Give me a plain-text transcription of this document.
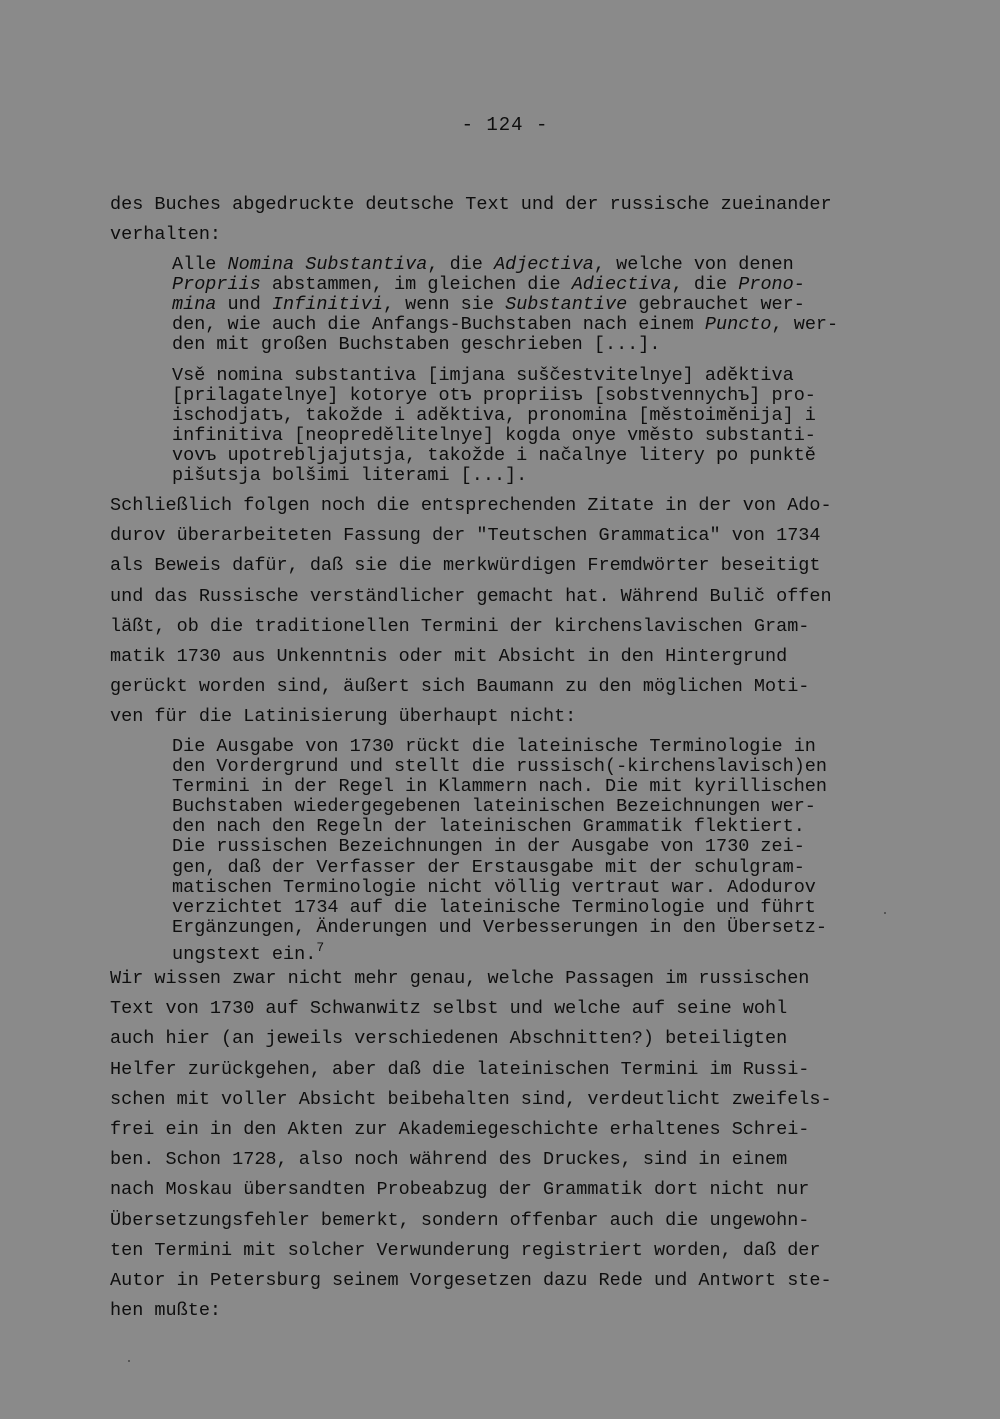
- 124 -
des Buches abgedruckte deutsche Text und der russische zueinander
verhalten:
Alle Nomina Substantiva, die Adjectiva, welche von denen
Propriis abstammen, im gleichen die Adiectiva, die Prono-
mina und Infinitivi, wenn sie Substantive gebrauchet wer-
den, wie auch die Anfangs-Buchstaben nach einem Puncto, wer-
den mit großen Buchstaben geschrieben [...].
Vsě nomina substantiva [imjana suščestvitelnye] aděktiva
[prilagatelnye] kotorye otъ propriisъ [sobstvennychъ] pro-
ischodjatъ, takožde i aděktiva, pronomina [městoiměnija] i
infinitiva [neopredělitelnye] kogda onye vměsto substanti-
vovъ upotrebljajutsja, takožde i načalnye litery po punktě
pišutsja bolšimi literami [...].
Schließlich folgen noch die entsprechenden Zitate in der von Ado-
durov überarbeiteten Fassung der "Teutschen Grammatica" von 1734
als Beweis dafür, daß sie die merkwürdigen Fremdwörter beseitigt
und das Russische verständlicher gemacht hat. Während Bulič offen
läßt, ob die traditionellen Termini der kirchenslavischen Gram-
matik 1730 aus Unkenntnis oder mit Absicht in den Hintergrund
gerückt worden sind, äußert sich Baumann zu den möglichen Moti-
ven für die Latinisierung überhaupt nicht:
Die Ausgabe von 1730 rückt die lateinische Terminologie in
den Vordergrund und stellt die russisch(-kirchenslavisch)en
Termini in der Regel in Klammern nach. Die mit kyrillischen
Buchstaben wiedergegebenen lateinischen Bezeichnungen wer-
den nach den Regeln der lateinischen Grammatik flektiert.
Die russischen Bezeichnungen in der Ausgabe von 1730 zei-
gen, daß der Verfasser der Erstausgabe mit der schulgram-
matischen Terminologie nicht völlig vertraut war. Adodurov
verzichtet 1734 auf die lateinische Terminologie und führt
Ergänzungen, Änderungen und Verbesserungen in den Übersetz-
ungstext ein.$^7$
Wir wissen zwar nicht mehr genau, welche Passagen im russischen
Text von 1730 auf Schwanwitz selbst und welche auf seine wohl
auch hier (an jeweils verschiedenen Abschnitten?) beteiligten
Helfer zurückgehen, aber daß die lateinischen Termini im Russi-
schen mit voller Absicht beibehalten sind, verdeutlicht zweifels-
frei ein in den Akten zur Akademiegeschichte erhaltenes Schrei-
ben. Schon 1728, also noch während des Druckes, sind in einem
nach Moskau übersandten Probeabzug der Grammatik dort nicht nur
Übersetzungsfehler bemerkt, sondern offenbar auch die ungewohn-
ten Termini mit solcher Verwunderung registriert worden, daß der
Autor in Petersburg seinem Vorgesetzen dazu Rede und Antwort ste-
hen mußte:
